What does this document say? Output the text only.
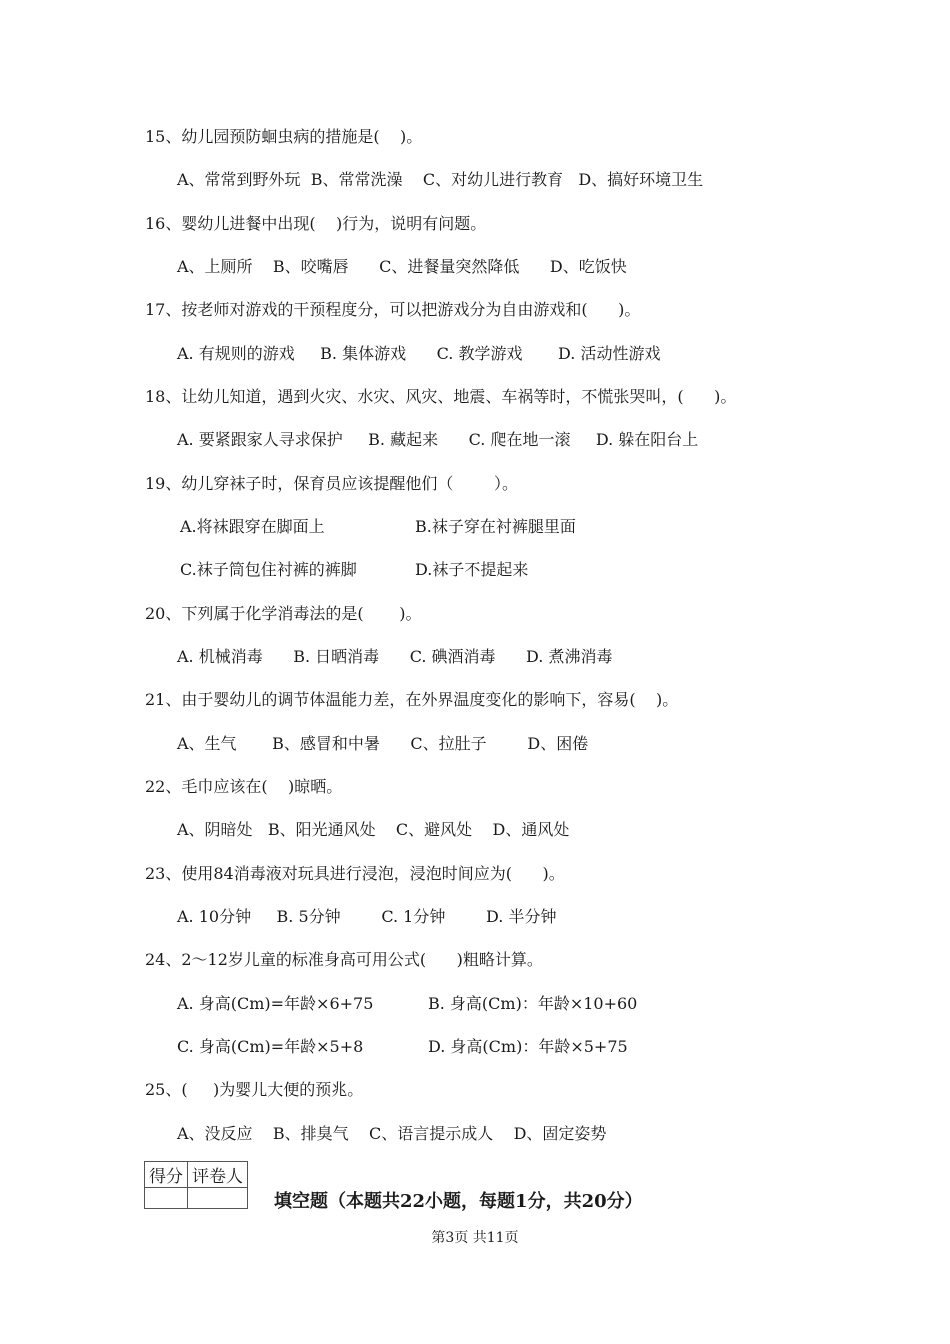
15、幼儿园预防蛔虫病的措施是(    )。
A、常常到野外玩  B、常常洗澡    C、对幼儿进行教育   D、搞好环境卫生
16、婴幼儿进餐中出现(    )行为，说明有问题。
A、上厕所    B、咬嘴唇      C、进餐量突然降低      D、吃饭快
17、按老师对游戏的干预程度分，可以把游戏分为自由游戏和(      )。
A. 有规则的游戏     B. 集体游戏      C. 教学游戏       D. 活动性游戏
18、让幼儿知道，遇到火灾、水灾、风灾、地震、车祸等时，不慌张哭叫，(      )。
A. 要紧跟家人寻求保护     B. 藏起来      C. 爬在地一滚     D. 躲在阳台上
19、幼儿穿袜子时，保育员应该提醒他们（        ）。
A.将袜跟穿在脚面上	B.袜子穿在衬裤腿里面
C.袜子筒包住衬裤的裤脚	D.袜子不提起来
20、下列属于化学消毒法的是(       )。
A. 机械消毒      B. 日晒消毒      C. 碘酒消毒      D. 煮沸消毒
21、由于婴幼儿的调节体温能力差，在外界温度变化的影响下，容易(    )。
A、生气       B、感冒和中暑      C、拉肚子        D、困倦
22、毛巾应该在(    )晾晒。
A、阴暗处   B、阳光通风处    C、避风处    D、通风处
23、使用84消毒液对玩具进行浸泡，浸泡时间应为(      )。
A. 10分钟     B. 5分钟        C. 1分钟        D. 半分钟
24、2～12岁儿童的标准身高可用公式(      )粗略计算。
A. 身高(Cm)=年龄×6+75	B. 身高(Cm)：年龄×10+60
C. 身高(Cm)=年龄×5+8	D. 身高(Cm)：年龄×5+75
25、(     )为婴儿大便的预兆。
A、没反应    B、排臭气    C、语言提示成人    D、固定姿势
得分	评卷人

填空题（本题共22小题，每题1分，共20分）
第3页 共11页
